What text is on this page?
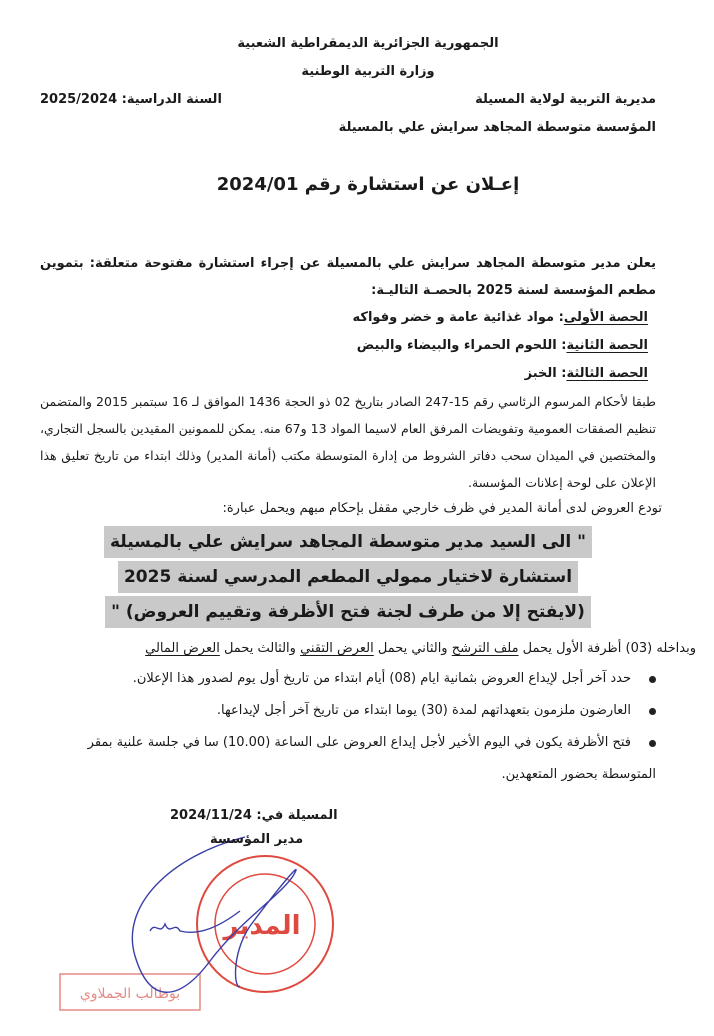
الجمهورية الجزائرية الديمقراطية الشعبية
وزارة التربية الوطنية
مديرية التربية لولاية المسيلة
السنة الدراسية: 2025/2024
المؤسسة متوسطة المجاهد سرايش علي بالمسيلة
إعـلان عن استشارة رقم 2024/01
يعلن مدير متوسطة المجاهد سرايش علي بالمسيلة عن إجراء استشارة مفتوحة متعلقة: بتموين مطعم المؤسسة لسنة 2025 بالحصـة التاليـة:
الحصة الأولى: مواد غذائية عامة و خضر وفواكه
الحصة الثانية: اللحوم الحمراء والبيضاء والبيض
الحصة الثالثة: الخبز
طبقا لأحكام المرسوم الرئاسي رقم 15-247 الصادر بتاريخ 02 ذو الحجة 1436 الموافق لـ 16 سبتمبر 2015 والمتضمن تنظيم الصفقات العمومية وتفويضات المرفق العام لاسيما المواد 13 و67 منه. يمكن للممونين المقيدين بالسجل التجاري، والمختصين في الميدان سحب دفاتر الشروط من إدارة المتوسطة مكتب (أمانة المدير) وذلك ابتداء من تاريخ تعليق هذا الإعلان على لوحة إعلانات المؤسسة.
تودع العروض لدى أمانة المدير في ظرف خارجي مقفل بإحكام مبهم ويحمل عبارة:
" الى السيد مدير متوسطة المجاهد سرايش علي بالمسيلة
استشارة لاختيار ممولي المطعم المدرسي لسنة 2025
(لايفتح إلا من طرف لجنة فتح الأظرفة وتقييم العروض) "
وبداخله (03) أظرفة الأول يحمل ملف الترشح والثاني يحمل العرض التقني والثالث يحمل العرض المالي
حدد آخر أجل لإيداع العروض بثمانية ايام (08) أيام ابتداء من تاريخ أول يوم لصدور هذا الإعلان.
العارضون ملزمون بتعهداتهم لمدة (30) يوما ابتداء من تاريخ آخر أجل لإيداعها.
فتح الأظرفة يكون في اليوم الأخير لأجل إيداع العروض على الساعة (10.00) سا في جلسة علنية بمقر
المتوسطة بحضور المتعهدين.
المدير
بوطالب الجملاوي
المسيلة في: 2024/11/24
مدير المؤسسة
